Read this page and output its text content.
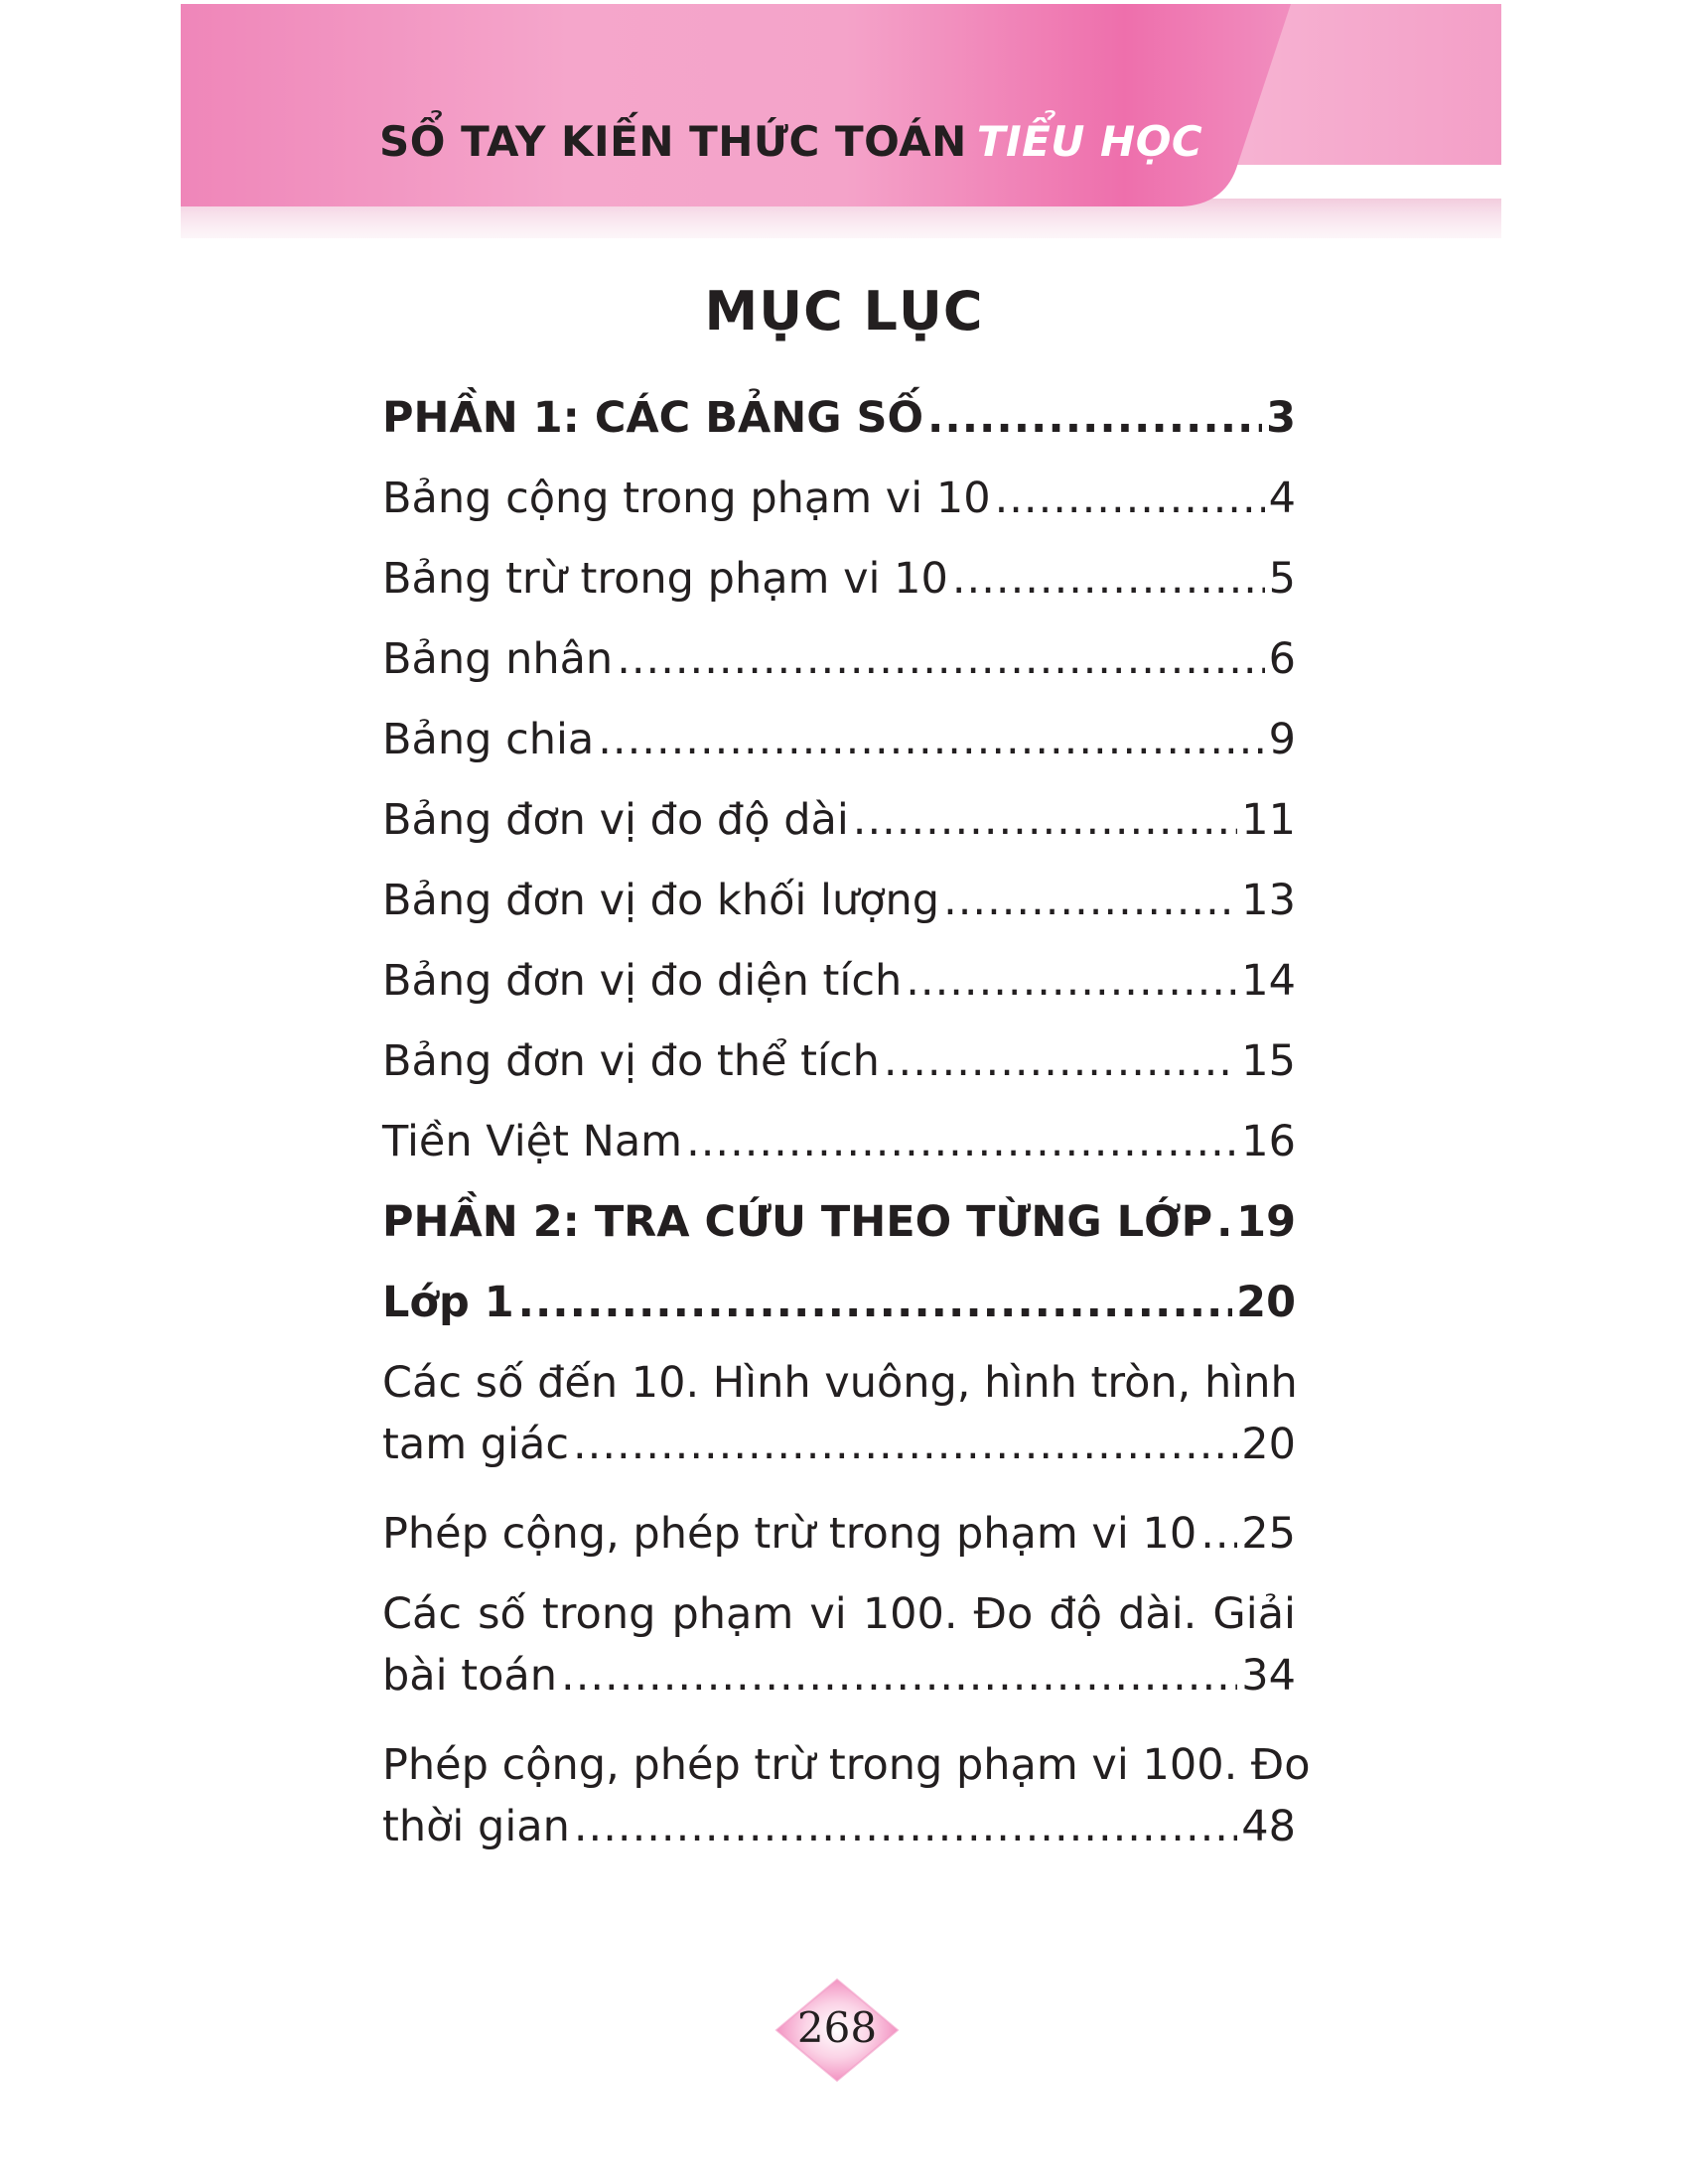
SỔ TAY KIẾN THỨC TOÁN TIỂU HỌC
MỤC LỤC
PHẦN 1: CÁC BẢNG SỐ .....	3
Bảng cộng trong phạm vi 10 .....	4
Bảng trừ trong phạm vi 10 .....	5
Bảng nhân .....	6
Bảng chia .....	9
Bảng đơn vị đo độ dài .....	11
Bảng đơn vị đo khối lượng .....	13
Bảng đơn vị đo diện tích .....	14
Bảng đơn vị đo thể tích .....	15
Tiền Việt Nam .....	16
PHẦN 2: TRA CỨU THEO TỪNG LỚP ..... 19
Lớp 1 .....	20
Các số đến 10. Hình vuông, hình tròn, hình
tam giác .....	20
Phép cộng, phép trừ trong phạm vi 10 ..... 25
Các số trong phạm vi 100. Đo độ dài. Giải
bài toán .....	34
Phép cộng, phép trừ trong phạm vi 100. Đo
thời gian .....	48
268
